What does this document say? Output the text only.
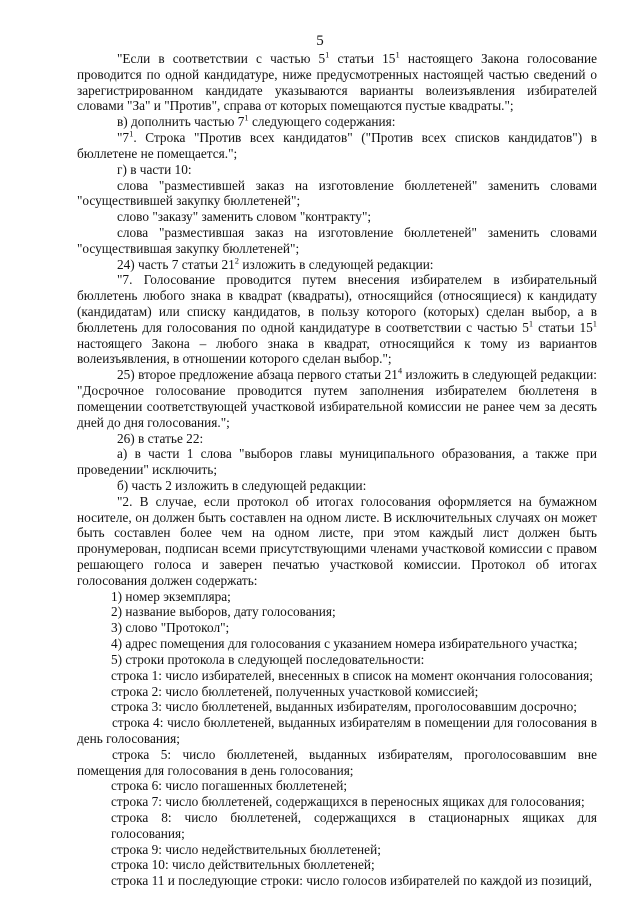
5

"Если в соответствии с частью $5^1$ статьи $15^1$ настоящего Закона голосование проводится по одной кандидатуре, ниже предусмотренных настоящей частью сведений о зарегистрированном кандидате указываются варианты волеизъявления избирателей словами "За" и "Против", справа от которых помещаются пустые квадраты.";

в) дополнить частью $7^1$ следующего содержания:

"$7^1$. Строка "Против всех кандидатов" ("Против всех списков кандидатов") в бюллетене не помещается.";

г) в части 10:

слова "разместившей заказ на изготовление бюллетеней" заменить словами "осуществившей закупку бюллетеней";

слово "заказу" заменить словом "контракту";

слова "разместившая заказ на изготовление бюллетеней" заменить словами "осуществившая закупку бюллетеней";

24) часть 7 статьи $21^2$ изложить в следующей редакции:

"7. Голосование проводится путем внесения избирателем в избирательный бюллетень любого знака в квадрат (квадраты), относящийся (относящиеся) к кандидату (кандидатам) или списку кандидатов, в пользу которого (которых) сделан выбор, а в бюллетень для голосования по одной кандидатуре в соответствии с частью $5^1$ статьи $15^1$ настоящего Закона – любого знака в квадрат, относящийся к тому из вариантов волеизъявления, в отношении которого сделан выбор.";

25) второе предложение абзаца первого статьи $21^4$ изложить в следующей редакции: "Досрочное голосование проводится путем заполнения избирателем бюллетеня в помещении соответствующей участковой избирательной комиссии не ранее чем за десять дней до дня голосования.";

26) в статье 22:

а) в части 1 слова "выборов главы муниципального образования, а также при проведении" исключить;

б) часть 2 изложить в следующей редакции:

"2. В случае, если протокол об итогах голосования оформляется на бумажном носителе, он должен быть составлен на одном листе. В исключительных случаях он может быть составлен более чем на одном листе, при этом каждый лист должен быть пронумерован, подписан всеми присутствующими членами участковой комиссии с правом решающего голоса и заверен печатью участковой комиссии. Протокол об итогах голосования должен содержать:

1) номер экземпляра;

2) название выборов, дату голосования;

3) слово "Протокол";

4) адрес помещения для голосования с указанием номера избирательного участка;

5) строки протокола в следующей последовательности:

строка 1: число избирателей, внесенных в список на момент окончания голосования;

строка 2: число бюллетеней, полученных участковой комиссией;

строка 3: число бюллетеней, выданных избирателям, проголосовавшим досрочно;

строка 4: число бюллетеней, выданных избирателям в помещении для голосования в день голосования;

строка 5: число бюллетеней, выданных избирателям, проголосовавшим вне помещения для голосования в день голосования;

строка 6: число погашенных бюллетеней;

строка 7: число бюллетеней, содержащихся в переносных ящиках для голосования;

строка 8: число бюллетеней, содержащихся в стационарных ящиках для голосования;

строка 9: число недействительных бюллетеней;

строка 10: число действительных бюллетеней;

строка 11 и последующие строки: число голосов избирателей по каждой из позиций,
